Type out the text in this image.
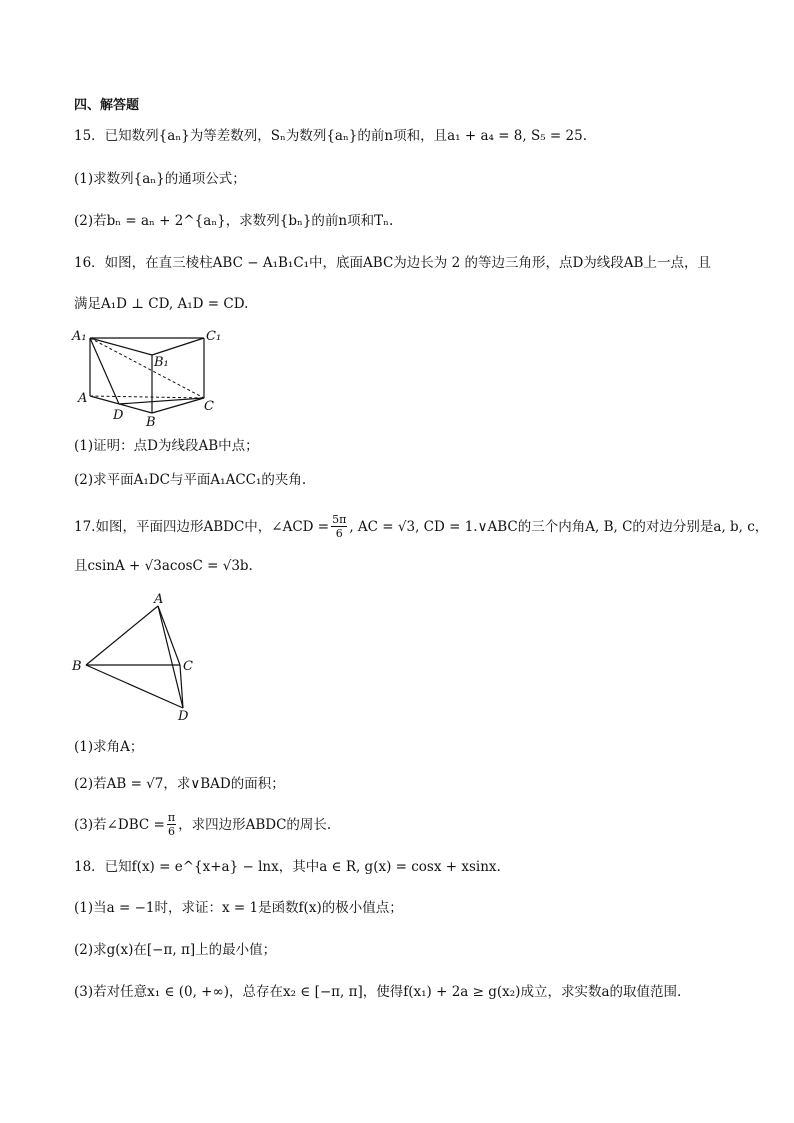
四、解答题
15．已知数列{aₙ}为等差数列，Sₙ为数列{aₙ}的前n项和，且a₁ + a₄ = 8, S₅ = 25.
(1)求数列{aₙ}的通项公式；
(2)若bₙ = aₙ + 2^{aₙ}，求数列{bₙ}的前n项和Tₙ.
16．如图，在直三棱柱ABC − A₁B₁C₁中，底面ABC为边长为 2 的等边三角形，点D为线段AB上一点，且
满足A₁D ⊥ CD, A₁D = CD.
A₁	C₁
B₁
A
D B
C
(1)证明：点D为线段AB中点；
(2)求平面A₁DC与平面A₁ACC₁的夹角.
17.如图，平面四边形ABDC中，∠ACD = $\frac{5\pi}{6}$ , AC = √3, CD = 1.∨ABC的三个内角A, B, C的对边分别是a, b, c，
且csinA + √3acosC = √3b.
A
B	C
D
(1)求角A；
(2)若AB = √7，求∨BAD的面积；
(3)若∠DBC = $\frac{\pi}{6}$ ，求四边形ABDC的周长.
18．已知f(x) = e^{x+a} − lnx，其中a ∈ R, g(x) = cosx + xsinx.
(1)当a = −1时，求证：x = 1是函数f(x)的极小值点；
(2)求g(x)在[−π, π]上的最小值；
(3)若对任意x₁ ∈ (0, +∞)，总存在x₂ ∈ [−π, π]，使得f(x₁) + 2a ≥ g(x₂)成立，求实数a的取值范围.
